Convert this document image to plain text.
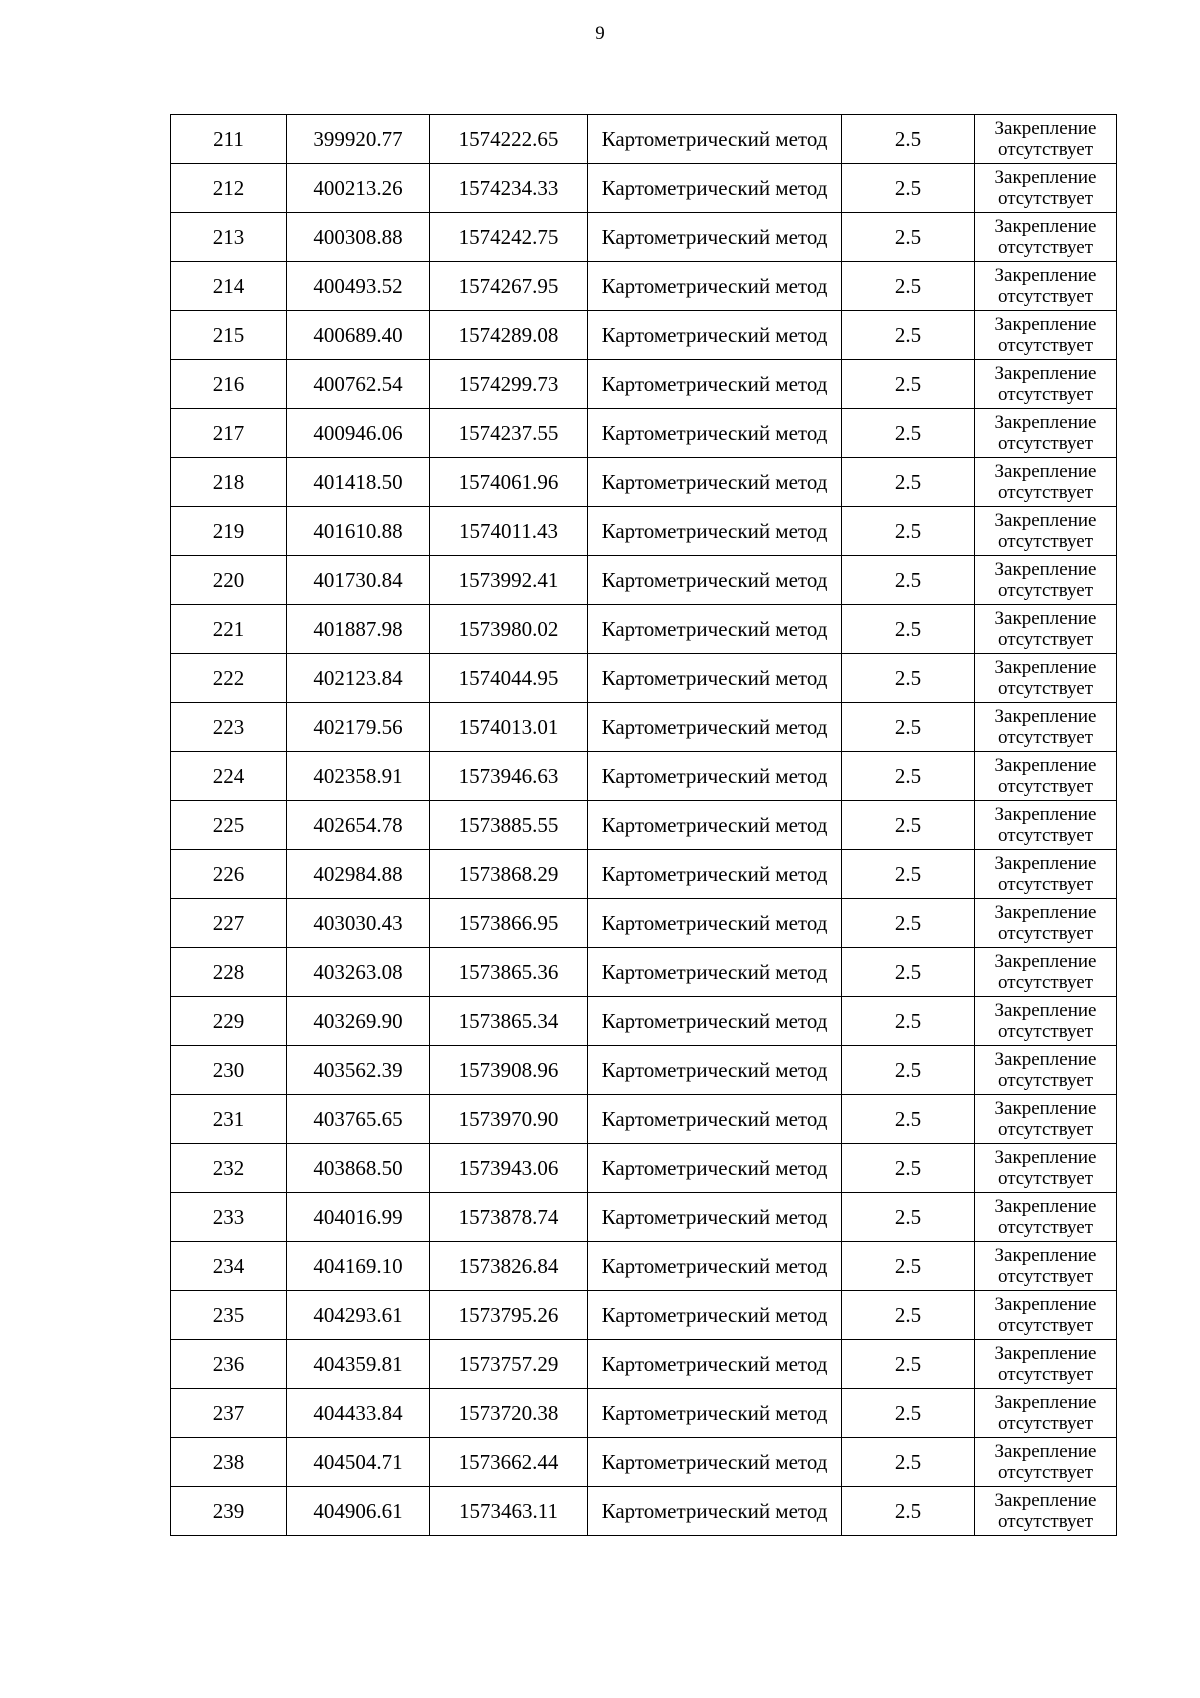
9
211	399920.77	1574222.65	Картометрический метод	2.5	Закрепление отсутствует
212	400213.26	1574234.33	Картометрический метод	2.5	Закрепление отсутствует
213	400308.88	1574242.75	Картометрический метод	2.5	Закрепление отсутствует
214	400493.52	1574267.95	Картометрический метод	2.5	Закрепление отсутствует
215	400689.40	1574289.08	Картометрический метод	2.5	Закрепление отсутствует
216	400762.54	1574299.73	Картометрический метод	2.5	Закрепление отсутствует
217	400946.06	1574237.55	Картометрический метод	2.5	Закрепление отсутствует
218	401418.50	1574061.96	Картометрический метод	2.5	Закрепление отсутствует
219	401610.88	1574011.43	Картометрический метод	2.5	Закрепление отсутствует
220	401730.84	1573992.41	Картометрический метод	2.5	Закрепление отсутствует
221	401887.98	1573980.02	Картометрический метод	2.5	Закрепление отсутствует
222	402123.84	1574044.95	Картометрический метод	2.5	Закрепление отсутствует
223	402179.56	1574013.01	Картометрический метод	2.5	Закрепление отсутствует
224	402358.91	1573946.63	Картометрический метод	2.5	Закрепление отсутствует
225	402654.78	1573885.55	Картометрический метод	2.5	Закрепление отсутствует
226	402984.88	1573868.29	Картометрический метод	2.5	Закрепление отсутствует
227	403030.43	1573866.95	Картометрический метод	2.5	Закрепление отсутствует
228	403263.08	1573865.36	Картометрический метод	2.5	Закрепление отсутствует
229	403269.90	1573865.34	Картометрический метод	2.5	Закрепление отсутствует
230	403562.39	1573908.96	Картометрический метод	2.5	Закрепление отсутствует
231	403765.65	1573970.90	Картометрический метод	2.5	Закрепление отсутствует
232	403868.50	1573943.06	Картометрический метод	2.5	Закрепление отсутствует
233	404016.99	1573878.74	Картометрический метод	2.5	Закрепление отсутствует
234	404169.10	1573826.84	Картометрический метод	2.5	Закрепление отсутствует
235	404293.61	1573795.26	Картометрический метод	2.5	Закрепление отсутствует
236	404359.81	1573757.29	Картометрический метод	2.5	Закрепление отсутствует
237	404433.84	1573720.38	Картометрический метод	2.5	Закрепление отсутствует
238	404504.71	1573662.44	Картометрический метод	2.5	Закрепление отсутствует
239	404906.61	1573463.11	Картометрический метод	2.5	Закрепление отсутствует
